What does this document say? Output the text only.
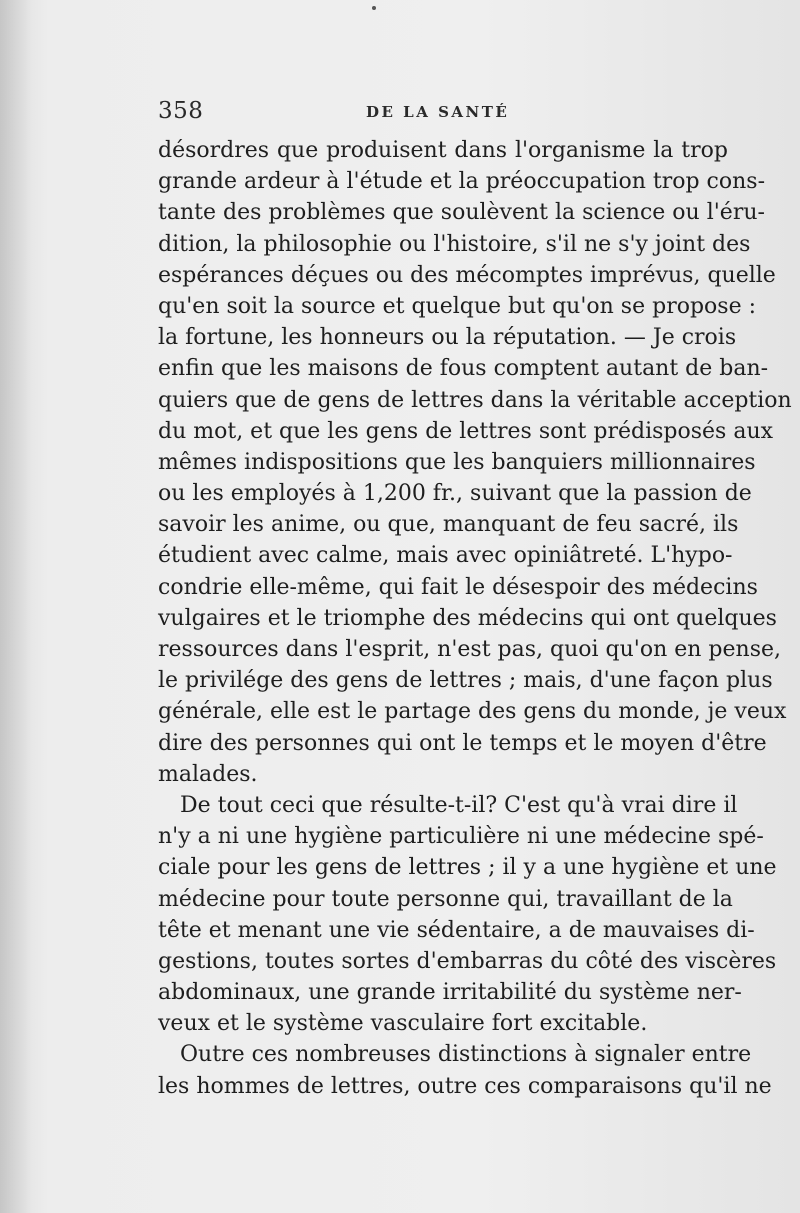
358	DE LA SANTÉ
désordres que produisent dans l'organisme la trop
grande ardeur à l'étude et la préoccupation trop cons-
tante des problèmes que soulèvent la science ou l'éru-
dition, la philosophie ou l'histoire, s'il ne s'y joint des
espérances déçues ou des mécomptes imprévus, quelle
qu'en soit la source et quelque but qu'on se propose :
la fortune, les honneurs ou la réputation. — Je crois
enfin que les maisons de fous comptent autant de ban-
quiers que de gens de lettres dans la véritable acception
du mot, et que les gens de lettres sont prédisposés aux
mêmes indispositions que les banquiers millionnaires
ou les employés à 1,200 fr., suivant que la passion de
savoir les anime, ou que, manquant de feu sacré, ils
étudient avec calme, mais avec opiniâtreté. L'hypo-
condrie elle-même, qui fait le désespoir des médecins
vulgaires et le triomphe des médecins qui ont quelques
ressources dans l'esprit, n'est pas, quoi qu'on en pense,
le privilége des gens de lettres ; mais, d'une façon plus
générale, elle est le partage des gens du monde, je veux
dire des personnes qui ont le temps et le moyen d'être
malades.
De tout ceci que résulte-t-il? C'est qu'à vrai dire il
n'y a ni une hygiène particulière ni une médecine spé-
ciale pour les gens de lettres ; il y a une hygiène et une
médecine pour toute personne qui, travaillant de la
tête et menant une vie sédentaire, a de mauvaises di-
gestions, toutes sortes d'embarras du côté des viscères
abdominaux, une grande irritabilité du système ner-
veux et le système vasculaire fort excitable.
Outre ces nombreuses distinctions à signaler entre
les hommes de lettres, outre ces comparaisons qu'il ne
